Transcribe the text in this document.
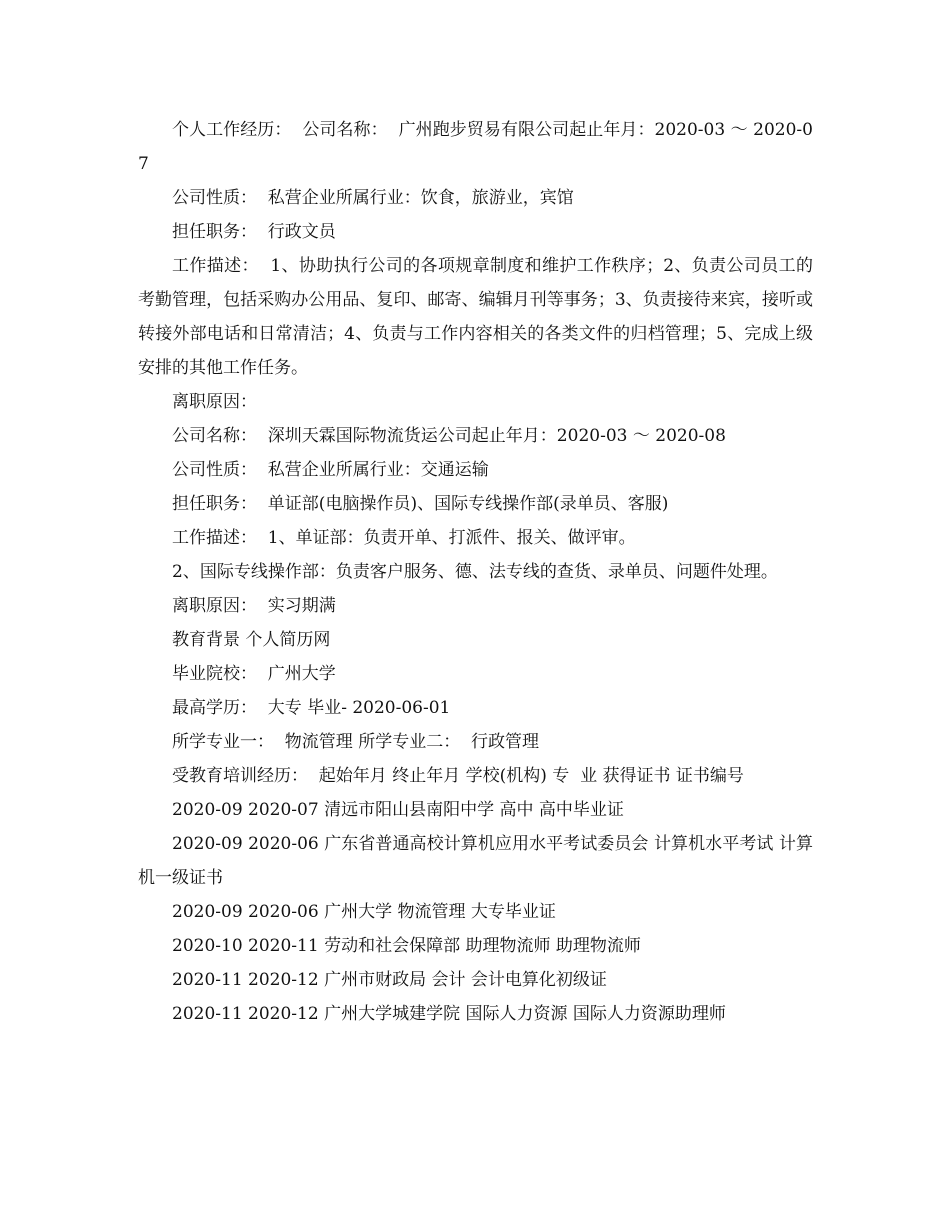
个人工作经历：  公司名称：  广州跑步贸易有限公司起止年月：2020-03 ～ 2020-07

公司性质：  私营企业所属行业：饮食，旅游业，宾馆

担任职务：  行政文员

工作描述：  1、协助执行公司的各项规章制度和维护工作秩序；2、负责公司员工的考勤管理，包括采购办公用品、复印、邮寄、编辑月刊等事务；3、负责接待来宾，接听或转接外部电话和日常清洁；4、负责与工作内容相关的各类文件的归档管理；5、完成上级安排的其他工作任务。

离职原因：

公司名称：  深圳天霖国际物流货运公司起止年月：2020-03 ～ 2020-08

公司性质：  私营企业所属行业：交通运输

担任职务：  单证部(电脑操作员)、国际专线操作部(录单员、客服)

工作描述：  1、单证部：负责开单、打派件、报关、做评审。

2、国际专线操作部：负责客户服务、德、法专线的查货、录单员、问题件处理。

离职原因：  实习期满

教育背景 个人简历网

毕业院校：  广州大学

最高学历：  大专 毕业- 2020-06-01

所学专业一：  物流管理 所学专业二：  行政管理

受教育培训经历：  起始年月 终止年月 学校(机构) 专  业 获得证书 证书编号

2020-09 2020-07 清远市阳山县南阳中学 高中 高中毕业证

2020-09 2020-06 广东省普通高校计算机应用水平考试委员会 计算机水平考试 计算机一级证书

2020-09 2020-06 广州大学 物流管理 大专毕业证

2020-10 2020-11 劳动和社会保障部 助理物流师 助理物流师

2020-11 2020-12 广州市财政局 会计 会计电算化初级证

2020-11 2020-12 广州大学城建学院 国际人力资源 国际人力资源助理师
